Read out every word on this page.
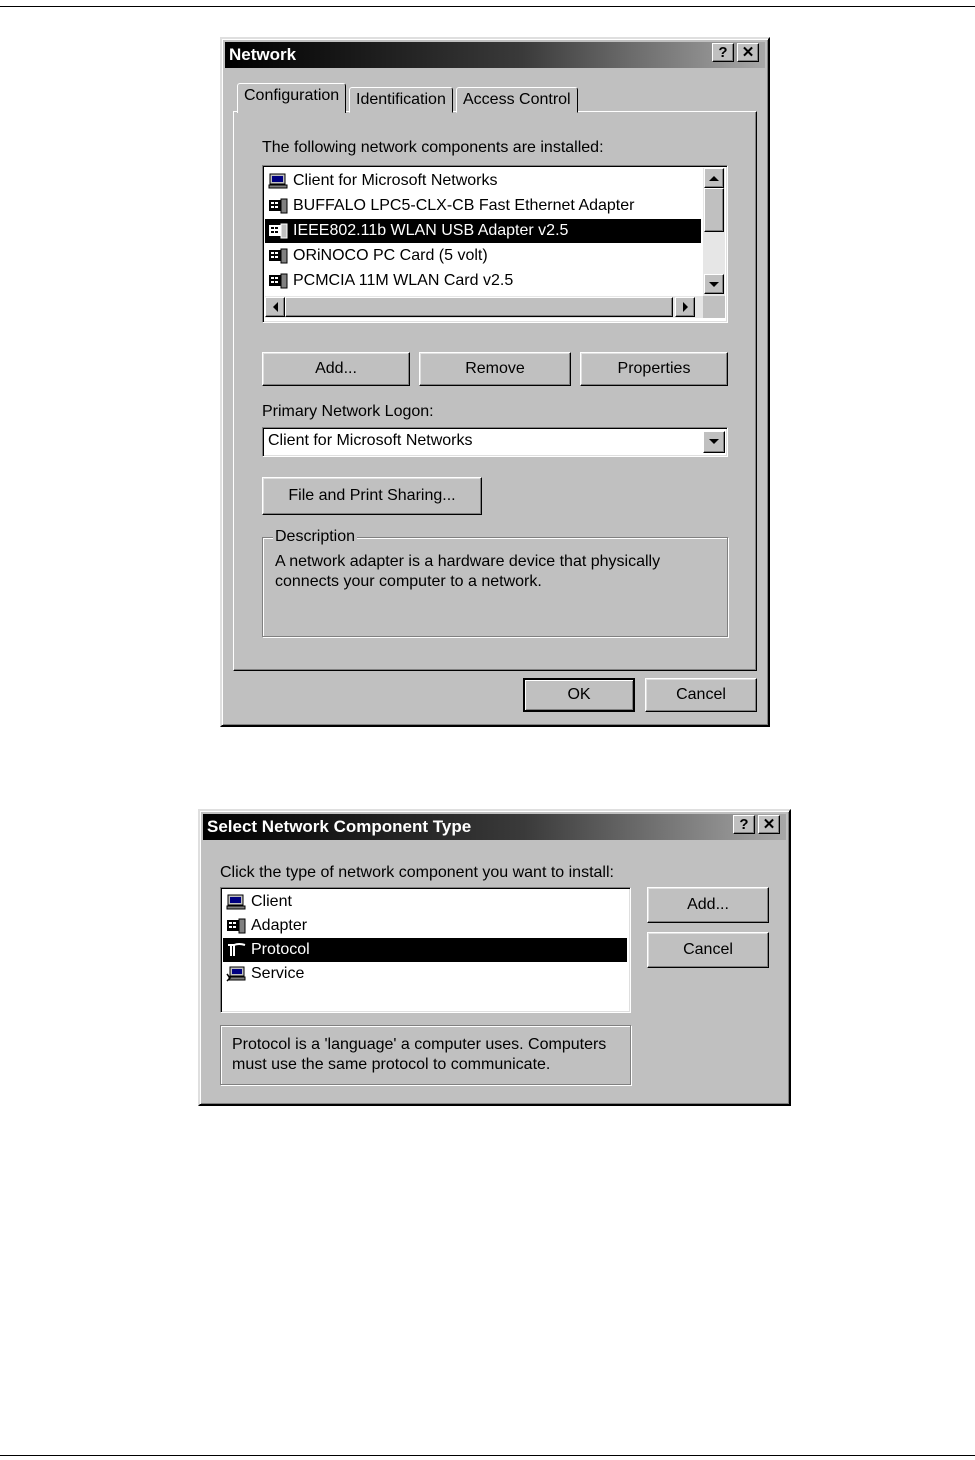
Network	? ✕
Configuration	Identification	Access Control
The following network components are installed:
Client for Microsoft Networks
BUFFALO LPC5-CLX-CB Fast Ethernet Adapter
IEEE802.11b WLAN USB Adapter v2.5
ORiNOCO PC Card (5 volt)
PCMCIA 11M WLAN Card v2.5
Add...	Remove	Properties
Primary Network Logon:
Client for Microsoft Networks
File and Print Sharing...
Description
A network adapter is a hardware device that physically
connects your computer to a network.
OK	Cancel
Select Network Component Type	? ✕
Click the type of network component you want to install:
Client
Adapter
Protocol
Service
Add...
Cancel
Protocol is a 'language' a computer uses. Computers
must use the same protocol to communicate.
